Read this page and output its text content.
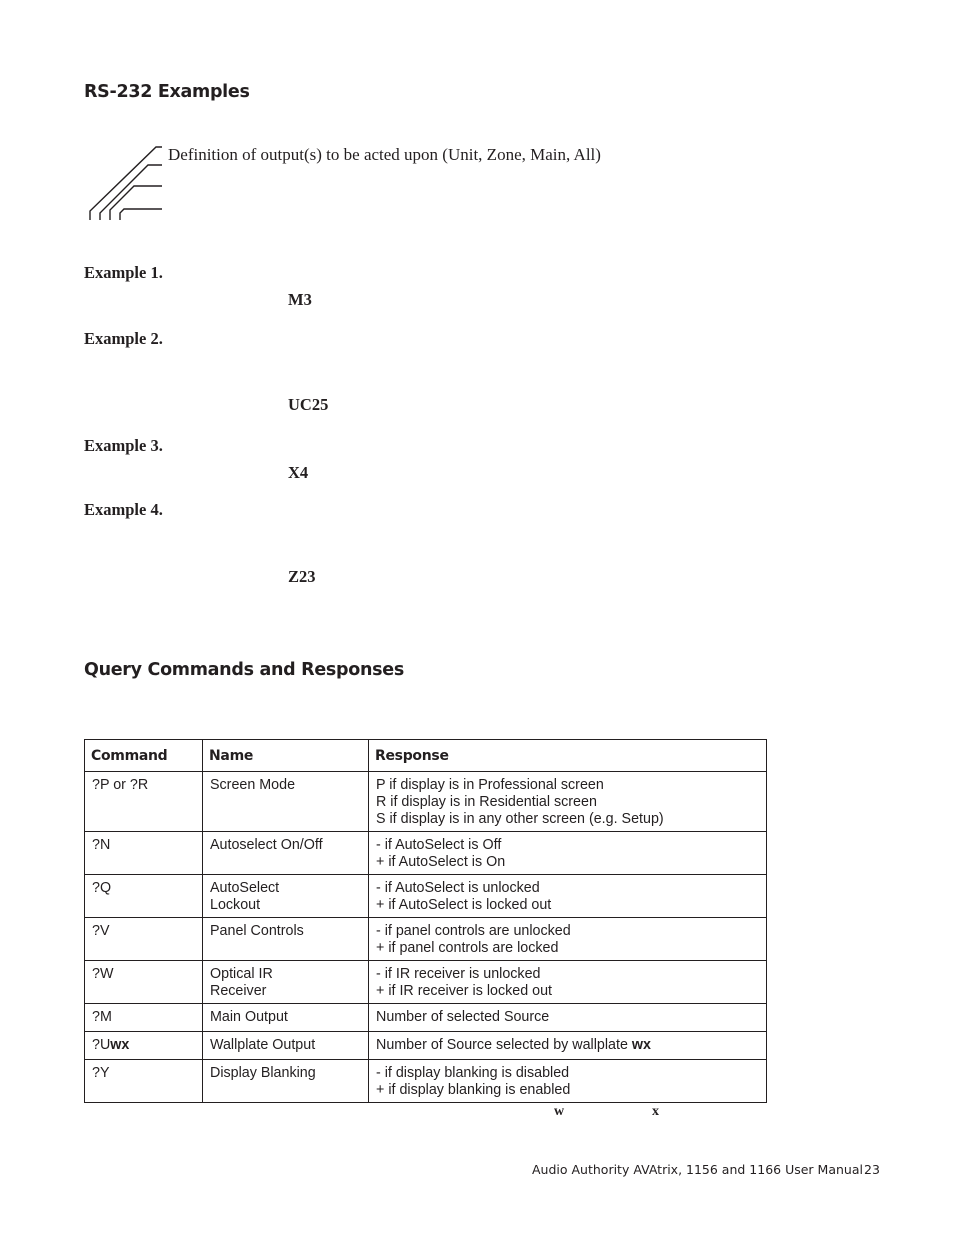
RS-232 Examples
Definition of output(s) to be acted upon (Unit, Zone, Main, All)
Example 1.
M3
Example 2.
UC25
Example 3.
X4
Example 4.
Z23
Query Commands and Responses
Command	Name	Response
?P or ?R	Screen Mode	P if display is in Professional screen
R if display is in Residential screen
S if display is in any other screen (e.g. Setup)

?N	Autoselect On/Off	- if AutoSelect is Off
+ if AutoSelect is On

?Q	AutoSelect
Lockout	- if AutoSelect is unlocked
+ if AutoSelect is locked out

?V	Panel Controls	- if panel controls are unlocked
+ if panel controls are locked

?W	Optical IR
Receiver	- if IR receiver is unlocked
+ if IR receiver is locked out

?M	Main Output	Number of selected Source

?Uwx	Wallplate Output	Number of Source selected by wallplate wx
?Y	Display Blanking	- if display blanking is disabled
+ if display blanking is enabled
w	x
Audio Authority AVAtrix, 1156 and 1166 User Manual 23
